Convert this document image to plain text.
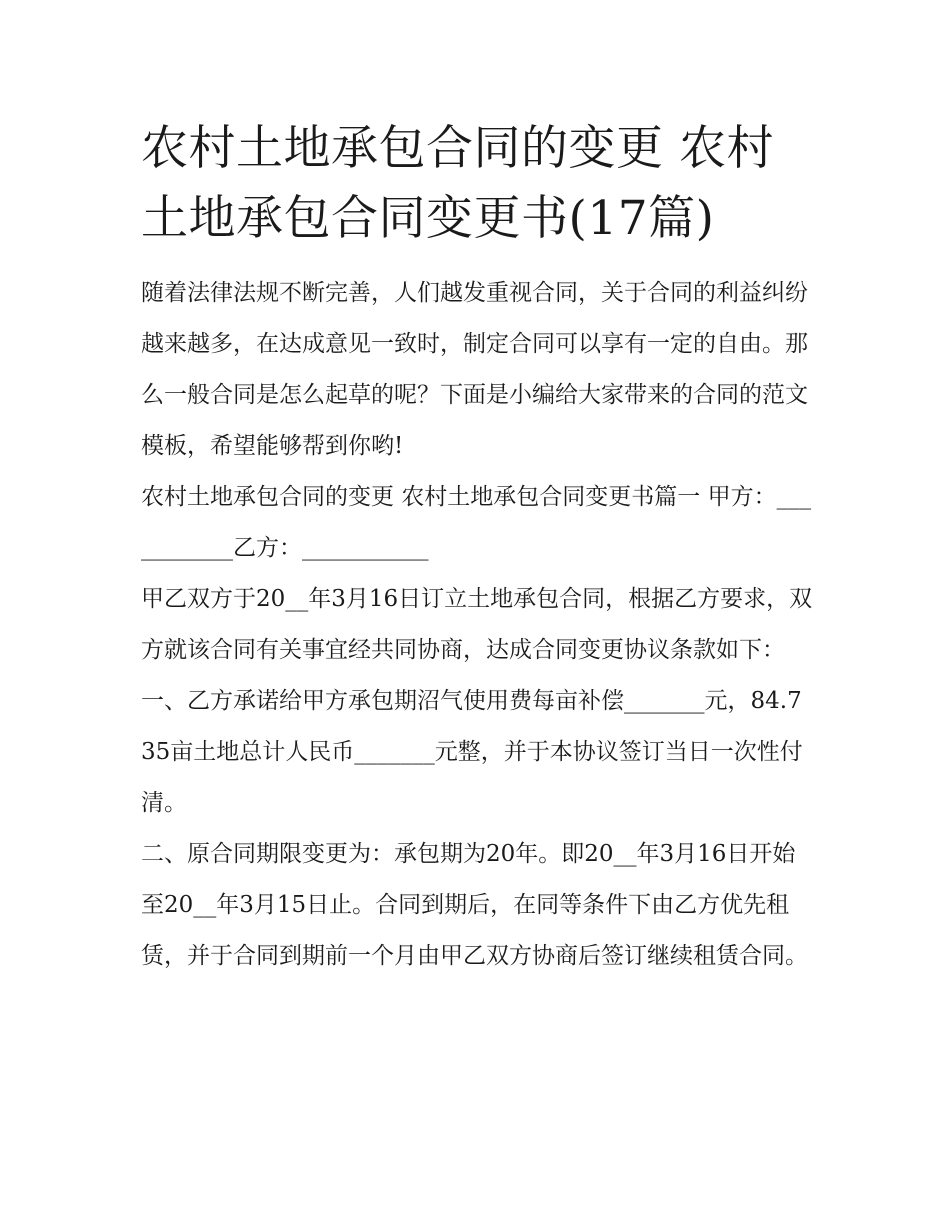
农村土地承包合同的变更 农村土地承包合同变更书(17篇)

随着法律法规不断完善，人们越发重视合同，关于合同的利益纠纷越来越多，在达成意见一致时，制定合同可以享有一定的自由。那么一般合同是怎么起草的呢？下面是小编给大家带来的合同的范文模板，希望能够帮到你哟!

农村土地承包合同的变更 农村土地承包合同变更书篇一 甲方：___________乙方：___________

甲乙双方于20__年3月16日订立土地承包合同，根据乙方要求，双方就该合同有关事宜经共同协商，达成合同变更协议条款如下：

一、乙方承诺给甲方承包期沼气使用费每亩补偿_______元，84.735亩土地总计人民币_______元整，并于本协议签订当日一次性付清。

二、原合同期限变更为：承包期为20年。即20__年3月16日开始至20__年3月15日止。合同到期后，在同等条件下由乙方优先租赁，并于合同到期前一个月由甲乙双方协商后签订继续租赁合同。
